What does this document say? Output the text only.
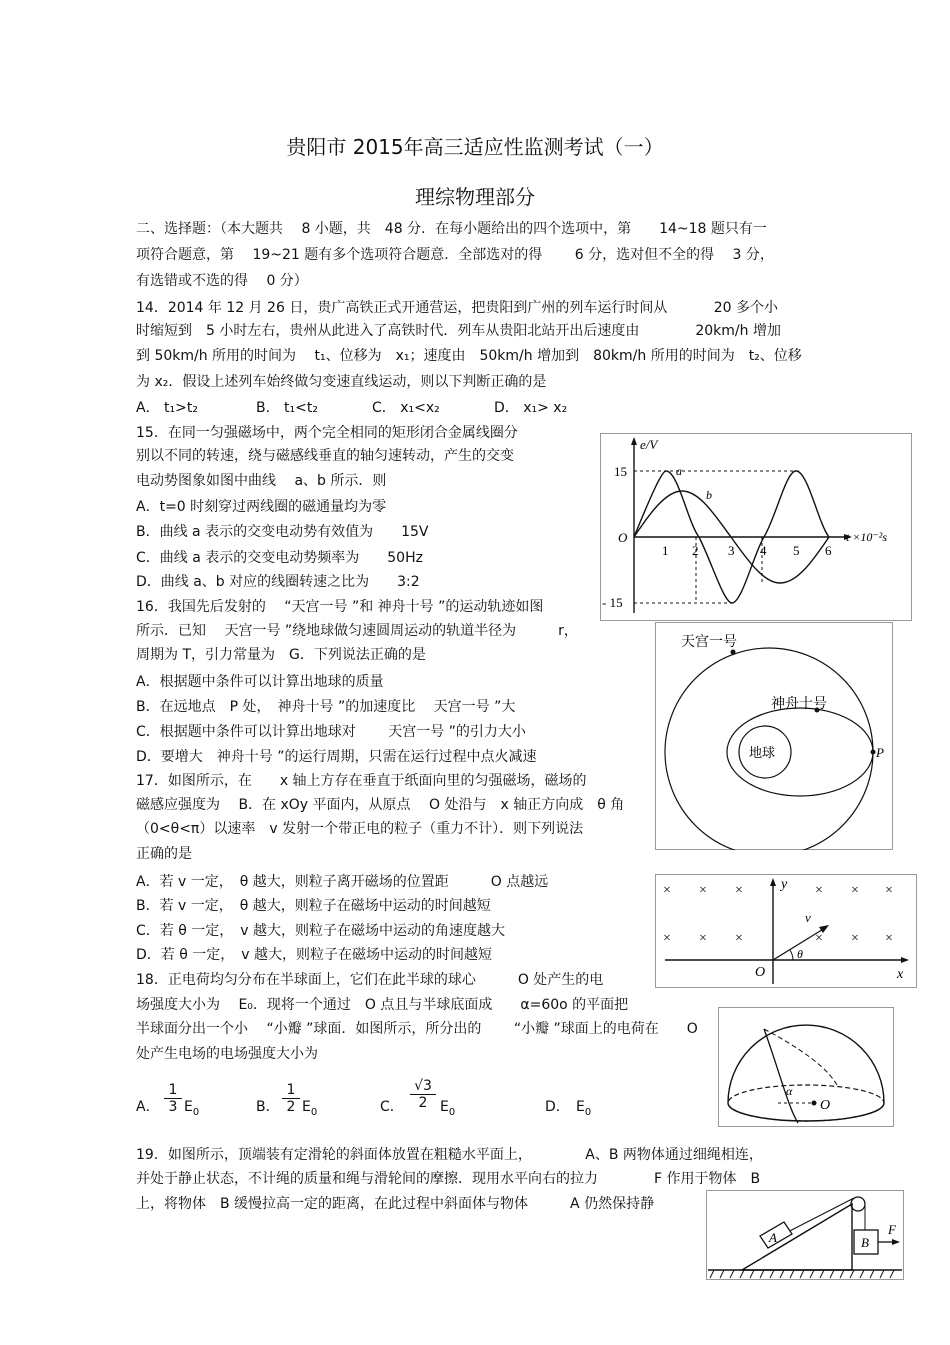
贵阳市 2015年高三适应性监测考试（一）
理综物理部分
二、选择题：（本大题共　 8 小题，共　48 分．在每小题给出的四个选项中，第　　14~18 题只有一
项符合题意，第　 19~21 题有多个选项符合题意．全部选对的得　　 6 分，选对但不全的得　 3 分，
有选错或不选的得　 0 分）
14．2014 年 12 月 26 日，贵广高铁正式开通营运，把贵阳到广州的列车运行时间从　　　 20 多个小
时缩短到　5 小时左右，贵州从此进入了高铁时代．列车从贵阳北站开出后速度由　　　　20km/h 增加
到 50km/h 所用的时间为　 t₁、位移为　x₁；速度由　50km/h 增加到　80km/h 所用的时间为　t₂、位移
为 x₂．假设上述列车始终做匀变速直线运动，则以下判断正确的是
A． t₁>t₂	B． t₁<t₂	C． x₁<x₂	D． x₁> x₂
15．在同一匀强磁场中，两个完全相同的矩形闭合金属线圈分
别以不同的转速，绕与磁感线垂直的轴匀速转动，产生的交变
电动势图象如图中曲线　 a、b 所示．则
A．t=0 时刻穿过两线圈的磁通量均为零
B．曲线 a 表示的交变电动势有效值为　　15V
C．曲线 a 表示的交变电动势频率为　　50Hz
D．曲线 a、b 对应的线圈转速之比为　　3:2
16．我国先后发射的　 “天宫一号 ”和 神舟十号 ”的运动轨迹如图
所示．已知　 天宫一号 ”绕地球做匀速圆周运动的轨道半径为　　　r，
周期为 T，引力常量为　G．下列说法正确的是
A．根据题中条件可以计算出地球的质量
B．在远地点　P 处，　神舟十号 ”的加速度比　 天宫一号 ”大
C．根据题中条件可以计算出地球对　　 天宫一号 ”的引力大小
D．要增大　神舟十号 ”的运行周期，只需在运行过程中点火减速
17．如图所示，在　　x 轴上方存在垂直于纸面向里的匀强磁场，磁场的
磁感应强度为　 B．在 xOy 平面内，从原点　 O 处沿与　x 轴正方向成　θ 角
（0<θ<π）以速率　v 发射一个带正电的粒子（重力不计）．则下列说法
正确的是
A．若 v 一定，　θ 越大，则粒子离开磁场的位置距　　　O 点越远
B．若 v 一定，　θ 越大，则粒子在磁场中运动的时间越短
C．若 θ 一定，　v 越大，则粒子在磁场中运动的角速度越大
D．若 θ 一定，　v 越大，则粒子在磁场中运动的时间越短
18．正电荷均匀分布在半球面上，它们在此半球的球心　　　O 处产生的电
场强度大小为　 E₀．现将一个通过　O 点且与半球底面成　　α=60o 的平面把
半球面分出一个小　 “小瓣 ”球面．如图所示，所分出的　　 “小瓣 ”球面上的电荷在　　O
处产生电场的电场强度大小为
A． $\frac{1}{3} E_0$	B． $\frac{1}{2} E_0$	C． $\frac{√3}{2} E_0$	D． $E_0$
19．如图所示，顶端装有定滑轮的斜面体放置在粗糙水平面上，　　　　 A、B 两物体通过细绳相连，
并处于静止状态，不计绳的质量和绳与滑轮间的摩擦．现用水平向右的拉力　　　　F 作用于物体　B
上，将物体　B 缓慢拉高一定的距离，在此过程中斜面体与物体　　　A 仍然保持静
e/V
15
- 15
O
a
b
1 2 3 4 5 6
t ×10⁻²s
天宫一号
神舟十号
地球	P
× × ×	× × ×
× × ×	× × ×
y
x
O
v
θ
α
O
A	B
F
